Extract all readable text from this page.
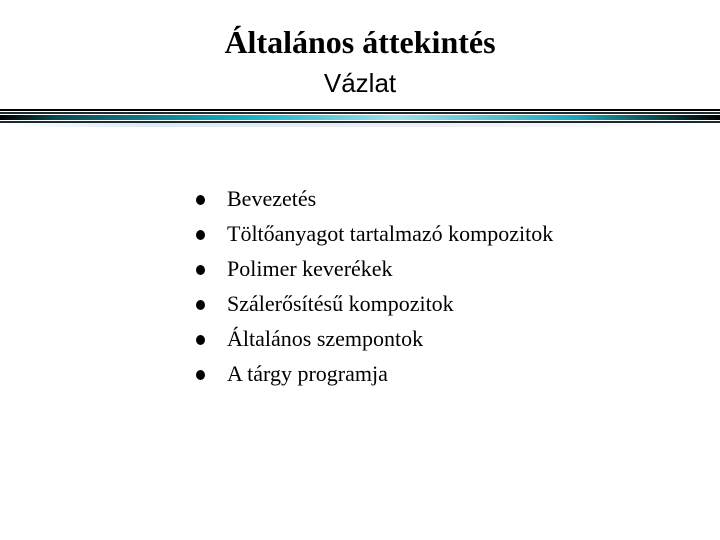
Általános áttekintés
Vázlat
Bevezetés
Töltőanyagot tartalmazó kompozitok
Polimer keverékek
Szálerősítésű kompozitok
Általános szempontok
A tárgy programja
